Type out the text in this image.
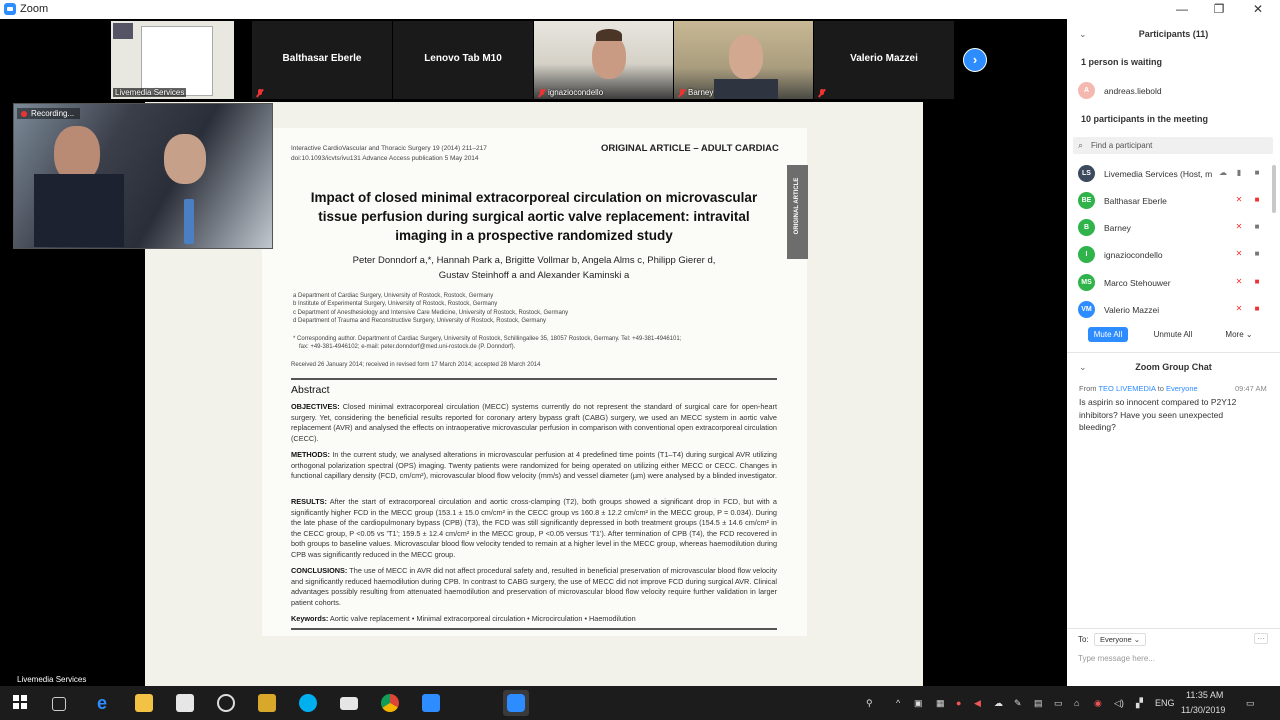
Zoom	—	❐	✕
Livemedia Services
Balthasar Eberle	Lenovo Tab M10
ignaziocondello	Barney
Valerio Mazzei	›
Interactive CardioVascular and Thoracic Surgery 19 (2014) 211–217
doi:10.1093/icvts/ivu131 Advance Access publication 5 May 2014
ORIGINAL ARTICLE – ADULT CARDIAC
ORIGINAL ARTICLE
Impact of closed minimal extracorporeal circulation on microvascular
tissue perfusion during surgical aortic valve replacement: intravital
imaging in a prospective randomized study
Peter Donndorf a,*, Hannah Park a, Brigitte Vollmar b, Angela Alms c, Philipp Gierer d,
Gustav Steinhoff a and Alexander Kaminski a
a Department of Cardiac Surgery, University of Rostock, Rostock, Germany
b Institute of Experimental Surgery, University of Rostock, Rostock, Germany
c Department of Anesthesiology and Intensive Care Medicine, University of Rostock, Rostock, Germany
d Department of Trauma and Reconstructive Surgery, University of Rostock, Rostock, Germany
* Corresponding author. Department of Cardiac Surgery, University of Rostock, Schillingallee 35, 18057 Rostock, Germany. Tel: +49-381-4946101;
fax: +49-381-4946102; e-mail: peter.donndorf@med.uni-rostock.de (P. Donndorf).
Received 26 January 2014; received in revised form 17 March 2014; accepted 28 March 2014
Abstract
OBJECTIVES: Closed minimal extracorporeal circulation (MECC) systems currently do not represent the standard of surgical care for open-heart surgery. Yet, considering the beneficial results reported for coronary artery bypass graft (CABG) surgery, we used an MECC system in aortic valve replacement (AVR) and analysed the effects on intraoperative microvascular perfusion in comparison with conventional open extracorporeal circulation (CECC).
METHODS: In the current study, we analysed alterations in microvascular perfusion at 4 predefined time points (T1–T4) during surgical AVR utilizing orthogonal polarization spectral (OPS) imaging. Twenty patients were randomized for being operated on utilizing either MECC or CECC. Changes in functional capillary density (FCD, cm/cm²), microvascular blood flow velocity (mm/s) and vessel diameter (µm) were analysed by a blinded investigator.
RESULTS: After the start of extracorporeal circulation and aortic cross-clamping (T2), both groups showed a significant drop in FCD, but with a significantly higher FCD in the MECC group (153.1 ± 15.0 cm/cm² in the CECC group vs 160.8 ± 12.2 cm/cm² in the MECC group, P = 0.034). During the late phase of the cardiopulmonary bypass (CPB) (T3), the FCD was still significantly depressed in both treatment groups (154.5 ± 14.6 cm/cm² in the CECC group, P <0.05 vs 'T1'; 159.5 ± 12.4 cm/cm² in the MECC group, P <0.05 versus 'T1'). After termination of CPB (T4), the FCD recovered in both groups to baseline values. Microvascular blood flow velocity tended to remain at a higher level in the MECC group, whereas haemodilution during CPB was significantly reduced in the MECC group.
CONCLUSIONS: The use of MECC in AVR did not affect procedural safety and, resulted in beneficial preservation of microvascular blood flow velocity and significantly reduced haemodilution during CPB. In contrast to CABG surgery, the use of MECC did not improve FCD during surgical AVR. Clinical advantages possibly resulting from attenuated haemodilution and preservation of microvascular blood flow velocity require further validation in larger patient cohorts.
Keywords: Aortic valve replacement • Minimal extracorporeal circulation • Microcirculation • Haemodilution
Recording...
Livemedia Services
⌄	Participants (11)
1 person is waiting
A	andreas.liebold
10 participants in the meeting
⌕ Find a participant
LS	Livemedia Services (Host, m ☁	▮	■
BE	Balthasar Eberle	✕	■
B	Barney	✕	■
I	ignaziocondello	✕	■
MS	Marco Stehouwer	✕	■
VM	Valerio Mazzei	✕	■
Mute All	Unmute All	More ⌄
⌄	Zoom Group Chat
From TEO LIVEMEDIA to Everyone	09:47 AM
Is aspirin so innocent compared to P2Y12 inhibitors? Have you seen unexpected bleeding?
To:	Everyone ⌄	···
Type message here...
e	⚲	^ ▣ ▦ ● ◀ ☁ ✎ ▤ ▭ ⌂ ◉ ◁) ▞ ENG
11:35 AM
11/30/2019
▭
